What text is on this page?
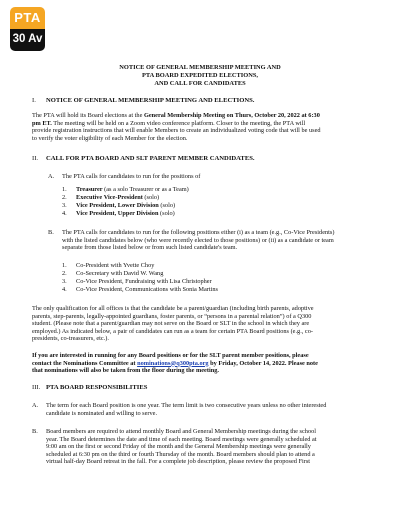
PTA
30 Av
NOTICE OF GENERAL MEMBERSHIP MEETING AND
PTA BOARD EXPEDITED ELECTIONS,
AND CALL FOR CANDIDATES
I. NOTICE OF GENERAL MEMBERSHIP MEETING AND ELECTIONS.
The PTA will hold its Board elections at the General Membership Meeting on Thurs, October 20, 2022 at 6:30
pm ET. The meeting will be held on a Zoom video conference platform. Closer to the meeting, the PTA will
provide registration instructions that will enable Members to create an individualized voting code that will be used
to verify the voter eligibility of each Member for the election.
II. CALL FOR PTA BOARD AND SLT PARENT MEMBER CANDIDATES.
A. The PTA calls for candidates to run for the positions of
1. Treasurer (as a solo Treasurer or as a Team)
2. Executive Vice-President (solo)
3. Vice President, Lower Division (solo)
4. Vice President, Upper Division (solo)
B. The PTA calls for candidates to run for the following positions either (i) as a team (e.g., Co-Vice Presidents)
with the listed candidates below (who were recently elected to those positions) or (ii) as a candidate or team
separate from those listed below or from such listed candidate's team.
1. Co-President with Yvette Choy
2. Co-Secretary with David W. Wang
3. Co-Vice President, Fundraising with Lisa Christopher
4. Co-Vice President, Communications with Sonia Martins
The only qualification for all offices is that the candidate be a parent/guardian (including birth parents, adoptive
parents, step-parents, legally-appointed guardians, foster parents, or “persons in a parental relation”) of a Q300
student. (Please note that a parent/guardian may not serve on the Board or SLT in the school in which they are
employed.) As indicated below, a pair of candidates can run as a team for certain PTA Board positions (e.g., co-
presidents, co-treasurers, etc.).
If you are interested in running for any Board positions or for the SLT parent member positions, please
contact the Nominations Committee at nominations@q300pta.org by Friday, October 14, 2022. Please note
that nominations will also be taken from the floor during the meeting.
III. PTA BOARD RESPONSIBILITIES
A. The term for each Board position is one year. The term limit is two consecutive years unless no other interested
candidate is nominated and willing to serve.
B. Board members are required to attend monthly Board and General Membership meetings during the school
year. The Board determines the date and time of each meeting. Board meetings were generally scheduled at
9:00 am on the first or second Friday of the month and the General Membership meetings were generally
scheduled at 6:30 pm on the third or fourth Thursday of the month. Board members should plan to attend a
virtual half-day Board retreat in the fall. For a complete job description, please review the proposed First
